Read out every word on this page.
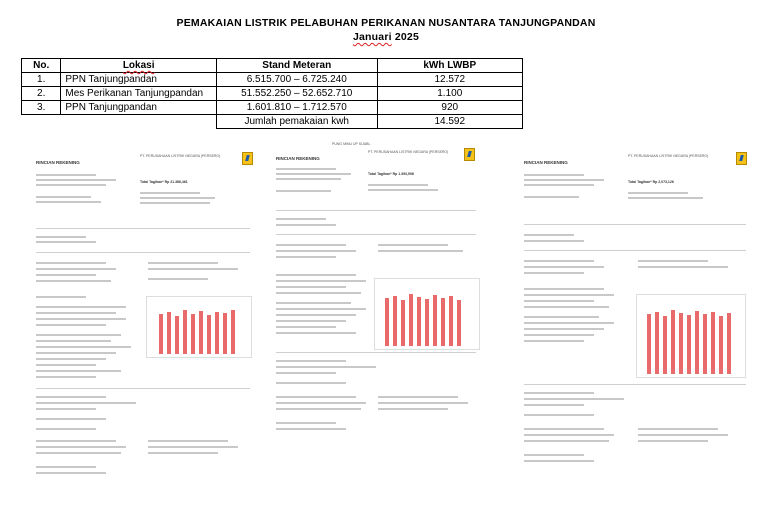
PEMAKAIAN LISTRIK PELABUHAN PERIKANAN NUSANTARA TANJUNGPANDAN
Januari 2025
No.	Lokasi	Stand Meteran	kWh LWBP
1.	PPN Tanjungpandan	6.515.700 – 6.725.240	12.572
2.	Mes Perikanan Tanjungpandan	51.552.250 – 52.652.710	1.100
3.	PPN Tanjungpandan	1.601.810 – 1.712.570	920
		Jumlah pemakaian kwh	14.592
RINCIAN REKENING
PT. PERUSAHAAN LISTRIK NEGARA (PERSERO)
Total Tagihan* Rp 21.386,461
PUNG MINU UP SIJABL
RINCIAN REKENING
PT. PERUSAHAAN LISTRIK NEGARA (PERSERO)
Total Tagihan* Rp 1.393,998
RINCIAN REKENING
PT. PERUSAHAAN LISTRIK NEGARA (PERSERO)
Total Tagihan* Rp 2,073,126
